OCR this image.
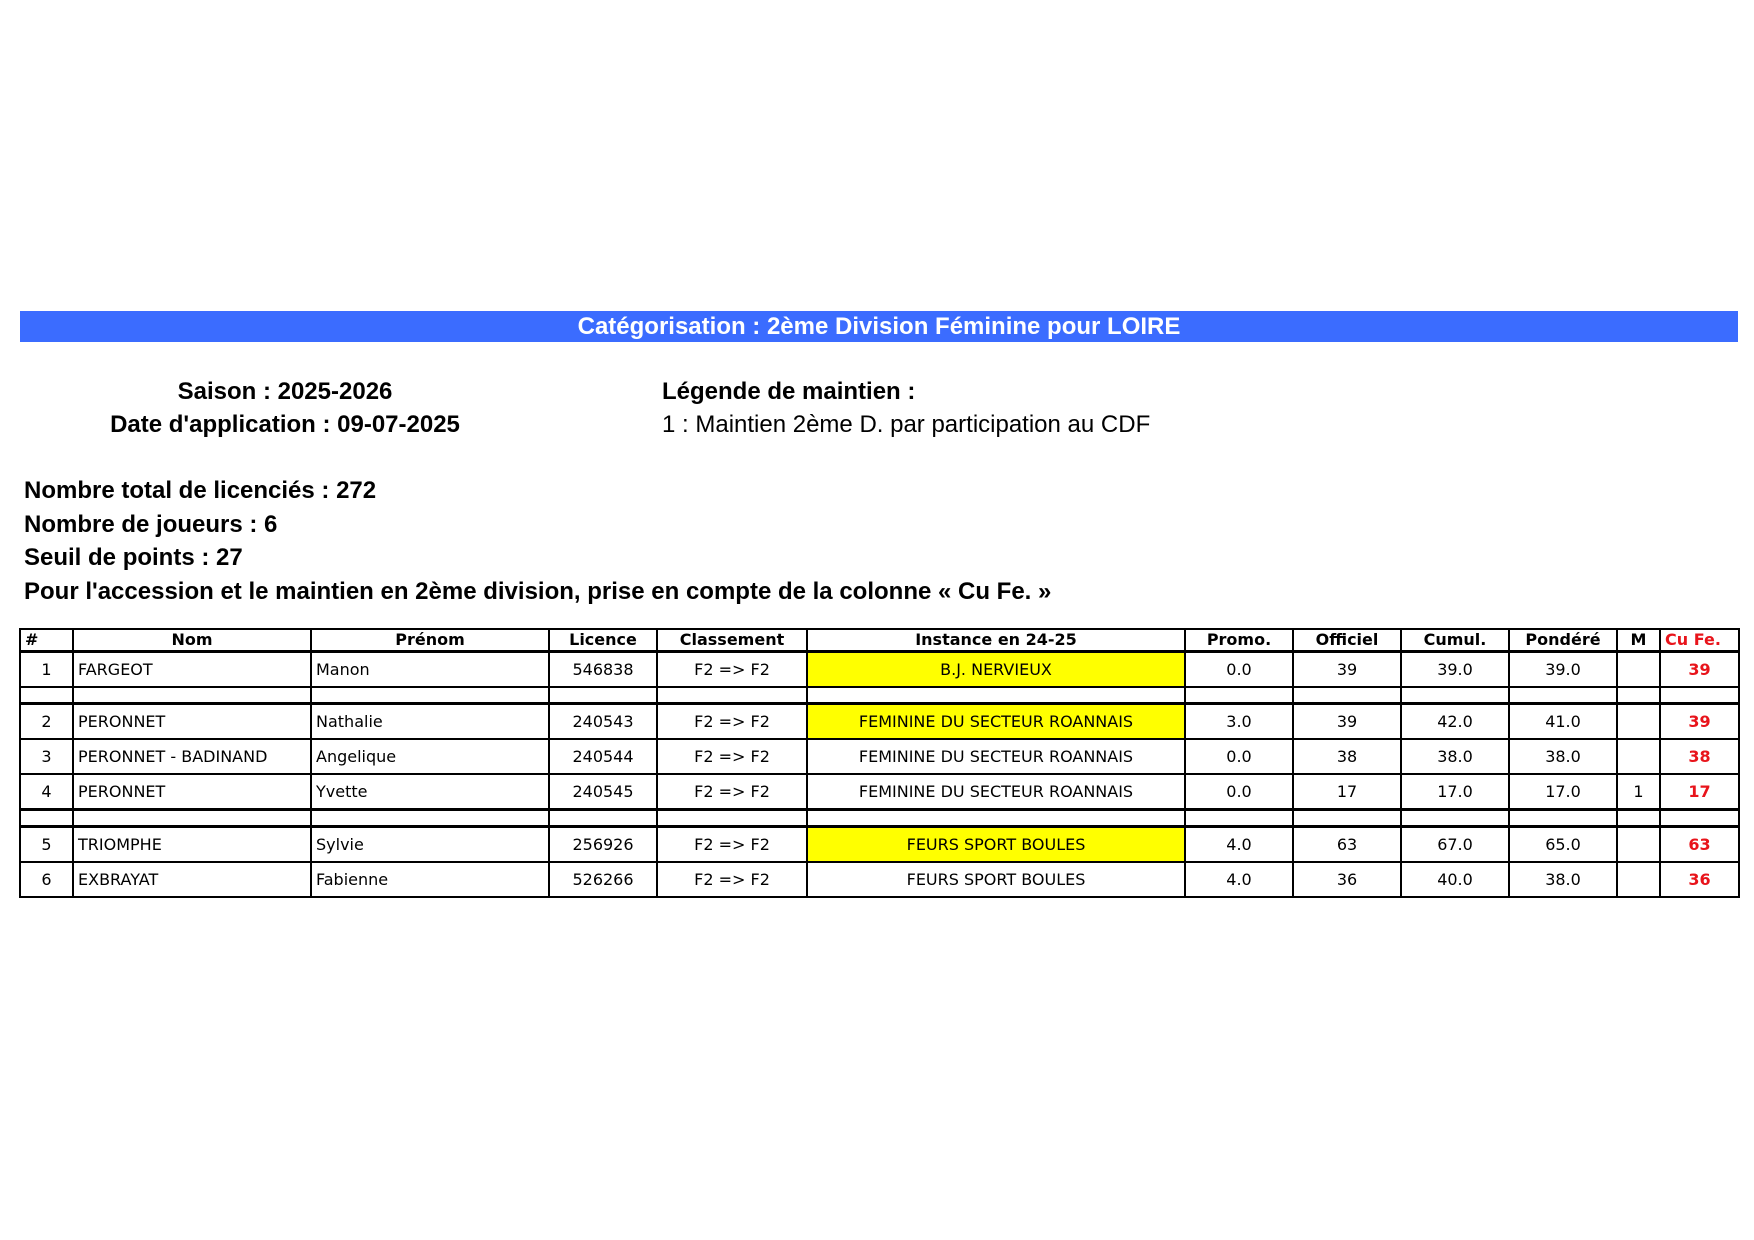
Catégorisation : 2ème Division Féminine pour LOIRE
Saison : 2025-2026
Date d'application : 09-07-2025
Légende de maintien :
1 : Maintien 2ème D. par participation au CDF
Nombre total de licenciés : 272
Nombre de joueurs : 6
Seuil de points : 27
Pour l'accession et le maintien en 2ème division, prise en compte de la colonne « Cu Fe. »
#	Nom	Prénom	Licence	Classement	Instance en 24-25	Promo.	Officiel	Cumul.	Pondéré	M	Cu Fe.
1	FARGEOT	Manon	546838	F2 => F2	B.J. NERVIEUX	0.0	39	39.0	39.0		39

2	PERONNET	Nathalie	240543	F2 => F2	FEMININE DU SECTEUR ROANNAIS	3.0	39	42.0	41.0		39
3	PERONNET - BADINAND	Angelique	240544	F2 => F2	FEMININE DU SECTEUR ROANNAIS	0.0	38	38.0	38.0		38
4	PERONNET	Yvette	240545	F2 => F2	FEMININE DU SECTEUR ROANNAIS	0.0	17	17.0	17.0	1	17

5	TRIOMPHE	Sylvie	256926	F2 => F2	FEURS SPORT BOULES	4.0	63	67.0	65.0		63
6	EXBRAYAT	Fabienne	526266	F2 => F2	FEURS SPORT BOULES	4.0	36	40.0	38.0		36
